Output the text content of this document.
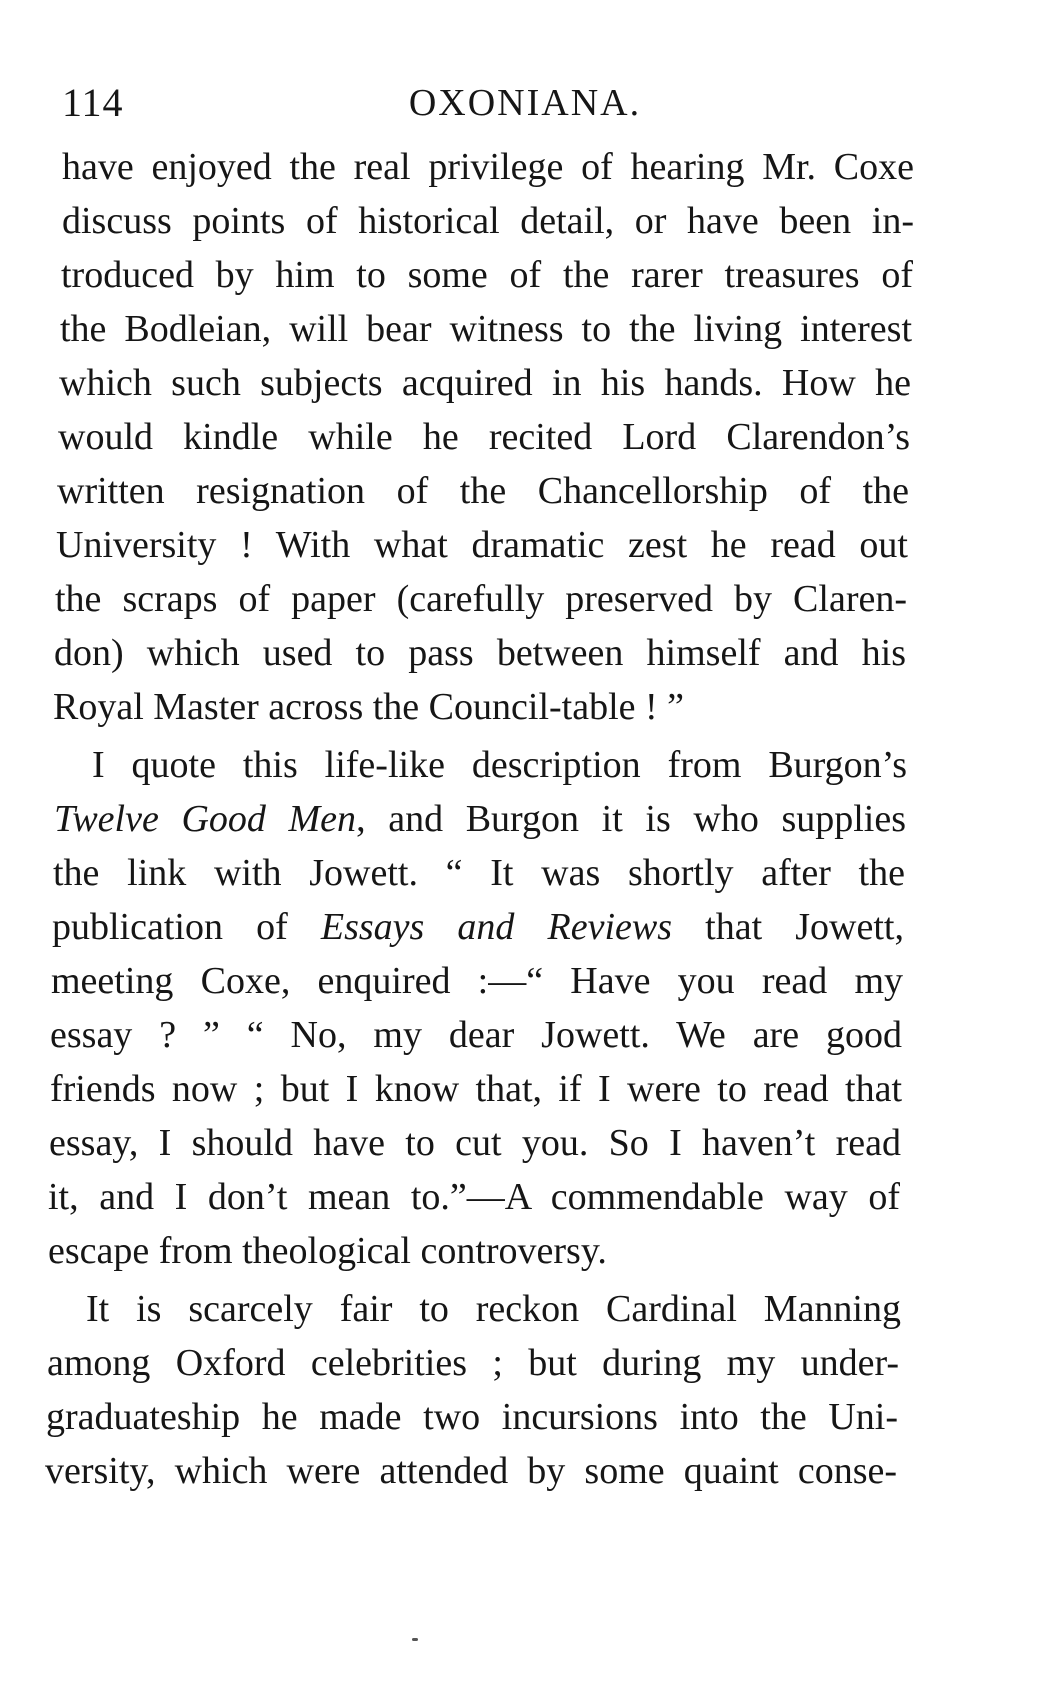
114	OXONIANA.
have enjoyed the real privilege of hearing Mr. Coxe
discuss points of historical detail, or have been in-
troduced by him to some of the rarer treasures of
the Bodleian, will bear witness to the living interest
which such subjects acquired in his hands. How he
would kindle while he recited Lord Clarendon’s
written resignation of the Chancellorship of the
University ! With what dramatic zest he read out
the scraps of paper (carefully preserved by Claren-
don) which used to pass between himself and his
Royal Master across the Council-table ! ”
I quote this life-like description from Burgon’s
Twelve Good Men, and Burgon it is who supplies
the link with Jowett. “ It was shortly after the
publication of Essays and Reviews that Jowett,
meeting Coxe, enquired :—“ Have you read my
essay ? ” “ No, my dear Jowett. We are good
friends now ; but I know that, if I were to read that
essay, I should have to cut you. So I haven’t read
it, and I don’t mean to.”—A commendable way of
escape from theological controversy.
It is scarcely fair to reckon Cardinal Manning
among Oxford celebrities ; but during my under-
graduateship he made two incursions into the Uni-
versity, which were attended by some quaint conse-
